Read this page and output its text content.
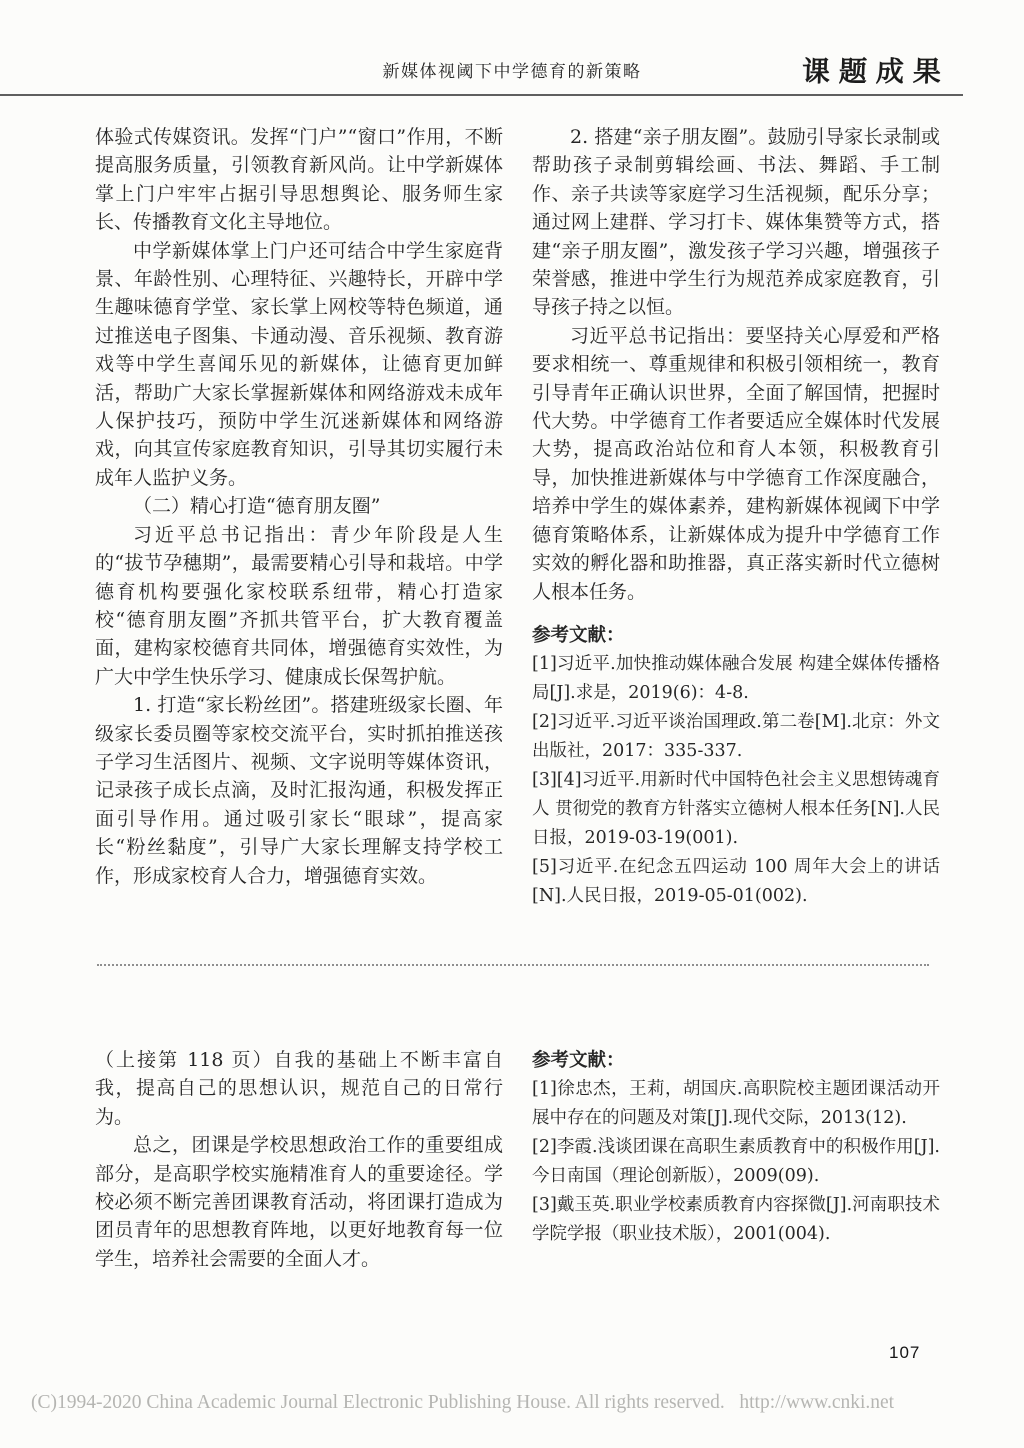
新媒体视阈下中学德育的新策略	课题成果

体验式传媒资讯。发挥“门户”“窗口”作用，不断提高服务质量，引领教育新风尚。让中学新媒体掌上门户牢牢占据引导思想舆论、服务师生家长、传播教育文化主导地位。

中学新媒体掌上门户还可结合中学生家庭背景、年龄性别、心理特征、兴趣特长，开辟中学生趣味德育学堂、家长掌上网校等特色频道，通过推送电子图集、卡通动漫、音乐视频、教育游戏等中学生喜闻乐见的新媒体，让德育更加鲜活，帮助广大家长掌握新媒体和网络游戏未成年人保护技巧，预防中学生沉迷新媒体和网络游戏，向其宣传家庭教育知识，引导其切实履行未成年人监护义务。

（二）精心打造“德育朋友圈”

习近平总书记指出：青少年阶段是人生的“拔节孕穗期”，最需要精心引导和栽培。中学德育机构要强化家校联系纽带，精心打造家校“德育朋友圈”齐抓共管平台，扩大教育覆盖面，建构家校德育共同体，增强德育实效性，为广大中学生快乐学习、健康成长保驾护航。

1. 打造“家长粉丝团”。搭建班级家长圈、年级家长委员圈等家校交流平台，实时抓拍推送孩子学习生活图片、视频、文字说明等媒体资讯，记录孩子成长点滴，及时汇报沟通，积极发挥正面引导作用。通过吸引家长“眼球”，提高家长“粉丝黏度”，引导广大家长理解支持学校工作，形成家校育人合力，增强德育实效。

2. 搭建“亲子朋友圈”。鼓励引导家长录制或帮助孩子录制剪辑绘画、书法、舞蹈、手工制作、亲子共读等家庭学习生活视频，配乐分享；通过网上建群、学习打卡、媒体集赞等方式，搭建“亲子朋友圈”，激发孩子学习兴趣，增强孩子荣誉感，推进中学生行为规范养成家庭教育，引导孩子持之以恒。

习近平总书记指出：要坚持关心厚爱和严格要求相统一、尊重规律和积极引领相统一，教育引导青年正确认识世界，全面了解国情，把握时代大势。中学德育工作者要适应全媒体时代发展大势，提高政治站位和育人本领，积极教育引导，加快推进新媒体与中学德育工作深度融合，培养中学生的媒体素养，建构新媒体视阈下中学德育策略体系，让新媒体成为提升中学德育工作实效的孵化器和助推器，真正落实新时代立德树人根本任务。

参考文献：

[1]习近平.加快推动媒体融合发展 构建全媒体传播格局[J].求是，2019(6)：4-8.

[2]习近平.习近平谈治国理政.第二卷[M].北京：外文出版社，2017：335-337.

[3][4]习近平.用新时代中国特色社会主义思想铸魂育人 贯彻党的教育方针落实立德树人根本任务[N].人民日报，2019-03-19(001).

[5]习近平.在纪念五四运动 100 周年大会上的讲话[N].人民日报，2019-05-01(002).

（上接第 118 页）自我的基础上不断丰富自我，提高自己的思想认识，规范自己的日常行为。

总之，团课是学校思想政治工作的重要组成部分，是高职学校实施精准育人的重要途径。学校必须不断完善团课教育活动，将团课打造成为团员青年的思想教育阵地，以更好地教育每一位学生，培养社会需要的全面人才。

参考文献：

[1]徐忠杰，王莉，胡国庆.高职院校主题团课活动开展中存在的问题及对策[J].现代交际，2013(12).

[2]李霞.浅谈团课在高职生素质教育中的积极作用[J].今日南国（理论创新版），2009(09).

[3]戴玉英.职业学校素质教育内容探微[J].河南职技术学院学报（职业技术版），2001(004).

107
(C)1994-2020 China Academic Journal Electronic Publishing House. All rights reserved.   http://www.cnki.net
